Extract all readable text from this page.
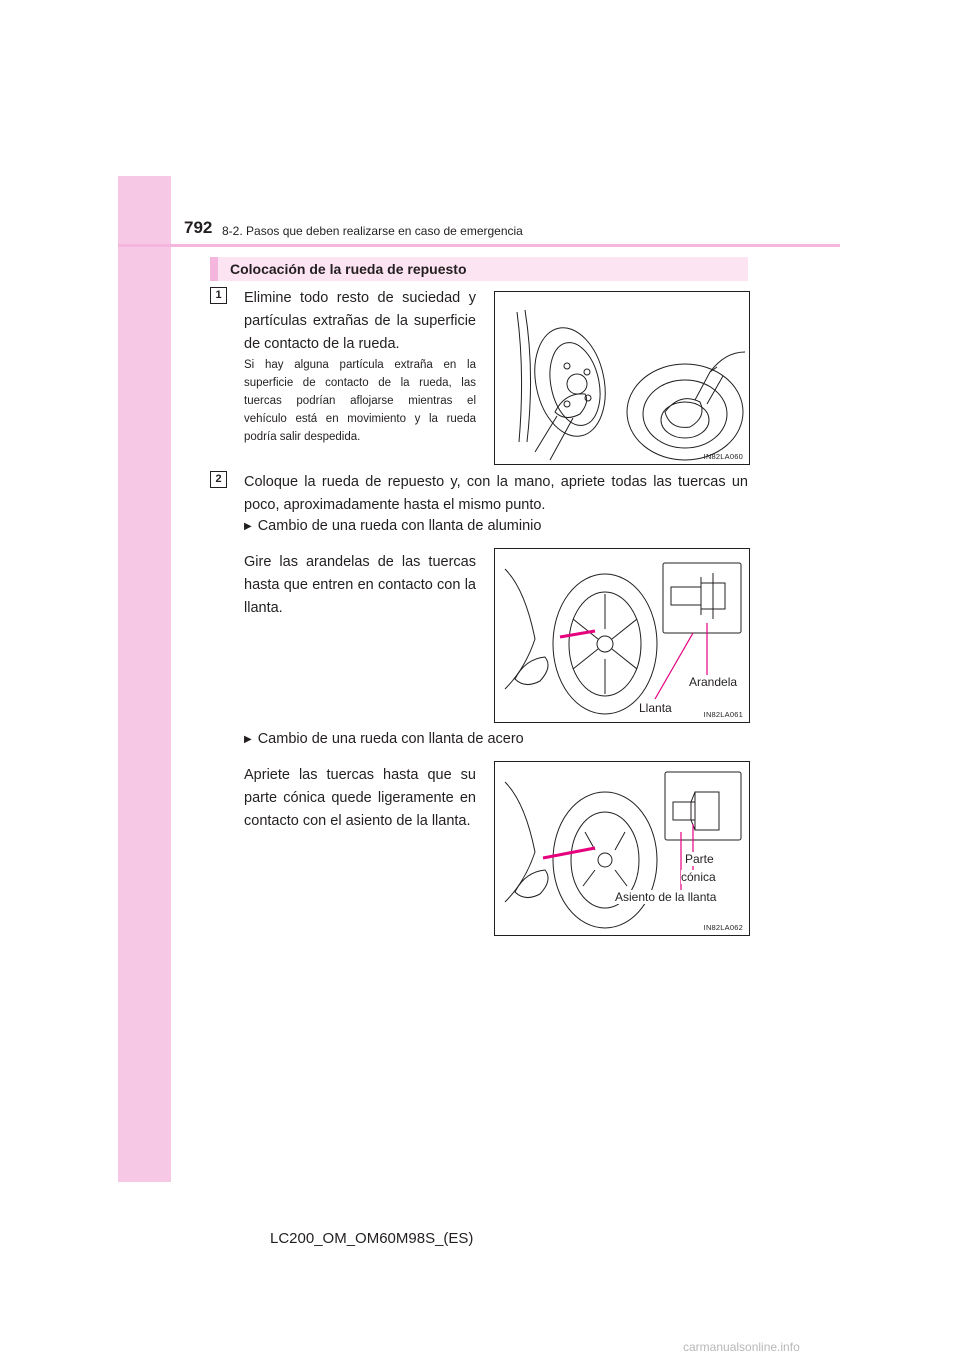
792 8-2. Pasos que deben realizarse en caso de emergencia
Colocación de la rueda de repuesto
1	Elimine todo resto de suciedad y partículas extrañas de la superficie de contacto de la rueda.
Si hay alguna partícula extraña en la superficie de contacto de la rueda, las tuercas podrían aflojarse mientras el vehículo está en movimiento y la rueda podría salir despedida.
IN82LA060
2	Coloque la rueda de repuesto y, con la mano, apriete todas las tuercas un poco, aproximadamente hasta el mismo punto.
▶ Cambio de una rueda con llanta de aluminio
Gire las arandelas de las tuercas hasta que entren en contacto con la llanta.
Arandela
Llanta	IN82LA061
▶ Cambio de una rueda con llanta de acero
Apriete las tuercas hasta que su parte cónica quede ligeramente en contacto con el asiento de la llanta.
Parte
cónica
Asiento de la llanta
IN82LA062
LC200_OM_OM60M98S_(ES)
carmanualsonline.info
